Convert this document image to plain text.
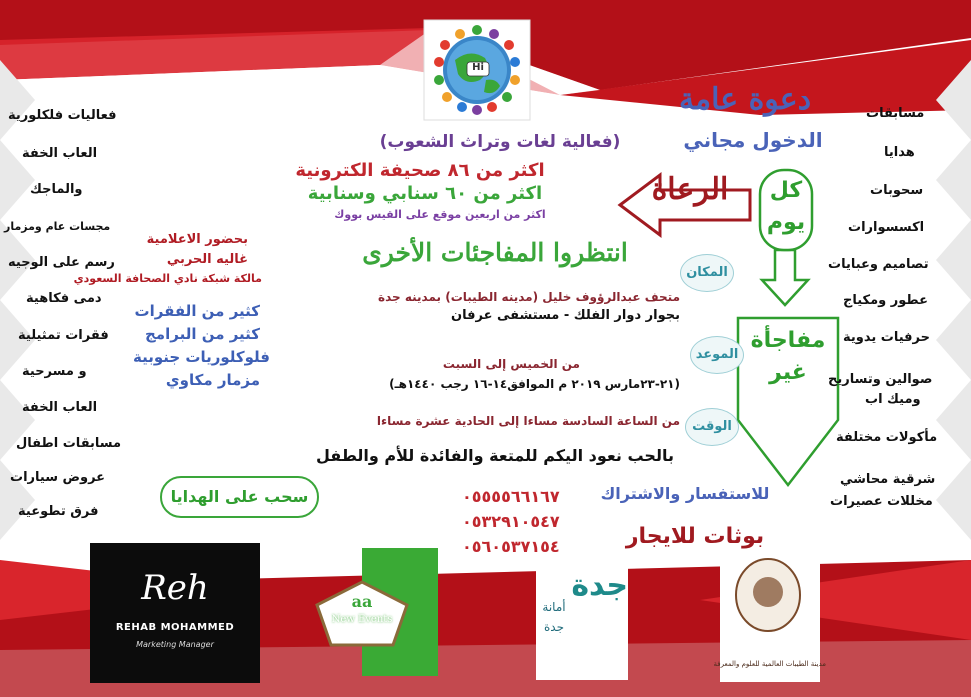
Hi
دعوة عامة
الدخول مجاني
(فعالية لغات وتراث الشعوب)
اكثر من ٨٦ صحيفة الكترونية
اكثر من ٦٠ سنابي وسنابية
اكثر من اربعين موقع على القيس بووك
الرعاة	كل
يوم
مفاجأة
غير
انتظروا المفاجئات الأخرى
بحضور الاعلامية
غاليه الحربي
مالكة شبكة نادي الصحافة السعودي
كثير من الفقرات
كثير من البرامج
فلوكلوريات جنوبية
مزمار مكاوي
المكان
متحف عبدالرؤوف خليل (مدينه الطيبات) بمدينه جدة
بجوار دوار الفلك - مستشفى عرفان
الموعد
من الخميس إلى السبت
(٢١-٢٣مارس ٢٠١٩ م الموافق١٤-١٦ رجب ١٤٤٠هـ)
الوقت
من الساعة السادسة مساءا إلى الحادية عشرة مساءا
بالحب نعود اليكم للمتعة والفائدة للأم والطفل
سحب على الهدايا	للاستفسار والاشتراك
بوثات للايجار
٠٥٥٥٥٦٦١٦٧
٠٥٣٢٩١٠٥٤٧
٠٥٦٠٥٣٧١٥٤
فعاليات فلكلورية
العاب الخفة
والماجك
مجسات عام ومزمار
رسم على الوجيه
دمى فكاهية
فقرات تمثيلية
و مسرحية
العاب الخفة
مسابقات اطفال
عروض سيارات
فرق تطوعية
مسابقات
هدايا
سحوبات
اكسسوارات
تصاميم وعبايات
عطور ومكياج
حرفيات يدوية
صوالين وتساريح
وميك اب
مأكولات مختلفة
شرقية محاشي
مخللات عصيرات
Reh
REHAB MOHAMMED
Marketing Manager
aa
New Events
جدة
أمانة
جدة
مدينة الطيبات العالمية للعلوم والمعرفة
